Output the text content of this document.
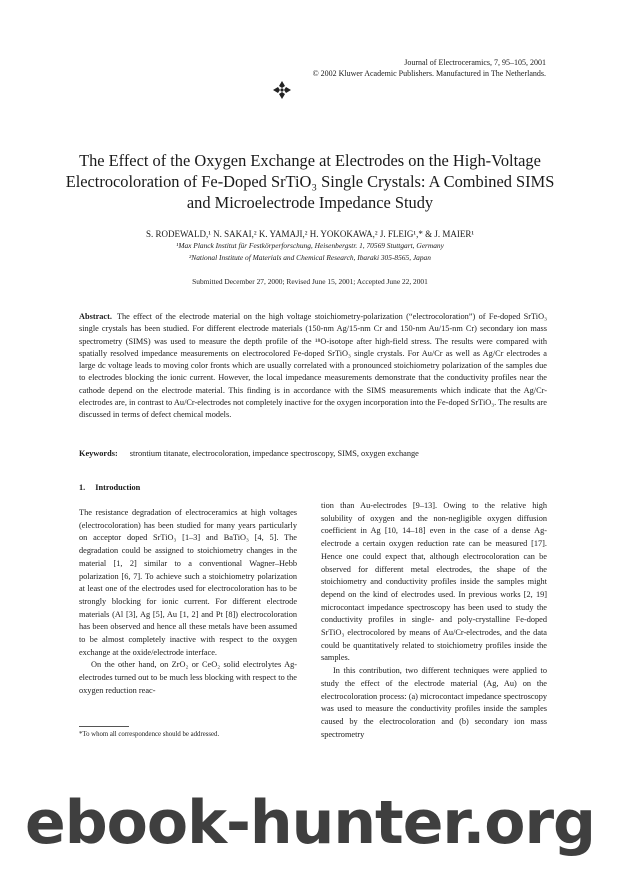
Journal of Electroceramics, 7, 95–105, 2001
© 2002 Kluwer Academic Publishers. Manufactured in The Netherlands.
The Effect of the Oxygen Exchange at Electrodes on the High-Voltage Electrocoloration of Fe-Doped SrTiO₃ Single Crystals: A Combined SIMS and Microelectrode Impedance Study
S. RODEWALD,¹ N. SAKAI,² K. YAMAJI,² H. YOKOKAWA,² J. FLEIG¹,* & J. MAIER¹
¹Max Planck Institut für Festkörperforschung, Heisenbergstr. 1, 70569 Stuttgart, Germany
²National Institute of Materials and Chemical Research, Ibaraki 305-8565, Japan
Submitted December 27, 2000; Revised June 15, 2001; Accepted June 22, 2001
Abstract. The effect of the electrode material on the high voltage stoichiometry-polarization (“electrocoloration”) of Fe-doped SrTiO₃ single crystals has been studied. For different electrode materials (150-nm Ag/15-nm Cr and 150-nm Au/15-nm Cr) secondary ion mass spectrometry (SIMS) was used to measure the depth profile of the ¹⁸O-isotope after high-field stress. The results were compared with spatially resolved impedance measurements on electrocolored Fe-doped SrTiO₃ single crystals. For Au/Cr as well as Ag/Cr electrodes a large dc voltage leads to moving color fronts which are usually correlated with a pronounced stoichiometry polarization of the samples due to electrodes blocking the ionic current. However, the local impedance measurements demonstrate that the conductivity profiles near the cathode depend on the electrode material. This finding is in accordance with the SIMS measurements which indicate that the Ag/Cr-electrodes are, in contrast to Au/Cr-electrodes not completely inactive for the oxygen incorporation into the Fe-doped SrTiO₃. The results are discussed in terms of defect chemical models.
Keywords: strontium titanate, electrocoloration, impedance spectroscopy, SIMS, oxygen exchange
1. Introduction

The resistance degradation of electroceramics at high voltages (electrocoloration) has been studied for many years particularly on acceptor doped SrTiO₃ [1–3] and BaTiO₃ [4, 5]. The degradation could be assigned to stoichiometry changes in the material [1, 2] similar to a conventional Wagner–Hebb polarization [6, 7]. To achieve such a stoichiometry polarization at least one of the electrodes used for electrocoloration has to be strongly blocking for ionic current. For different electrode materials (Al [3], Ag [5], Au [1, 2] and Pt [8]) electrocoloration has been observed and hence all these metals have been assumed to be almost completely inactive with respect to the oxygen exchange at the oxide/electrode interface.

On the other hand, on ZrO₂ or CeO₂ solid electrolytes Ag-electrodes turned out to be much less blocking with respect to the oxygen reduction reac-

tion than Au-electrodes [9–13]. Owing to the relative high solubility of oxygen and the non-negligible oxygen diffusion coefficient in Ag [10, 14–18] even in the case of a dense Ag-electrode a certain oxygen reduction rate can be measured [17]. Hence one could expect that, although electrocoloration can be observed for different metal electrodes, the shape of the stoichiometry and conductivity profiles inside the samples might depend on the kind of electrodes used. In previous works [2, 19] microcontact impedance spectroscopy has been used to study the conductivity profiles in single- and poly-crystalline Fe-doped SrTiO₃ electrocolored by means of Au/Cr-electrodes, and the data could be quantitatively related to stoichiometry profiles inside the samples.

In this contribution, two different techniques were applied to study the effect of the electrode material (Ag, Au) on the electrocoloration process: (a) microcontact impedance spectroscopy was used to measure the conductivity profiles inside the samples caused by the electrocoloration and (b) secondary ion mass spectrometry

*To whom all correspondence should be addressed.
ebook-hunter.org
